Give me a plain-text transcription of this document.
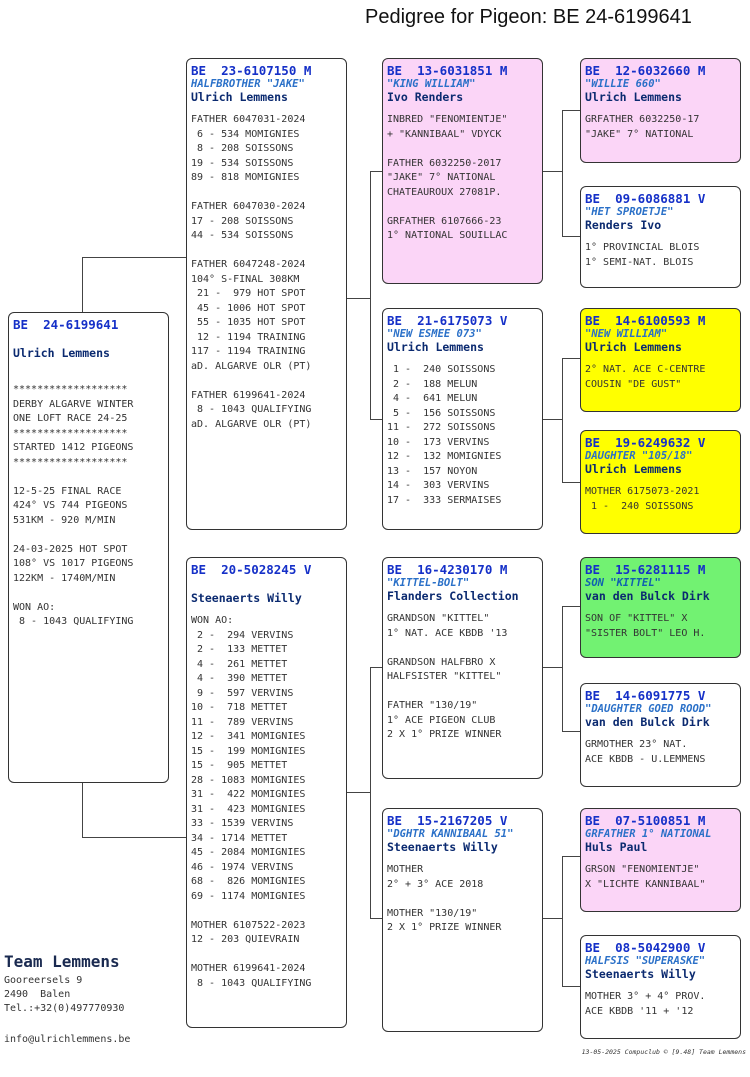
Pedigree for Pigeon: BE 24-6199641
BE  24-6199641
Ulrich Lemmens
*******************
DERBY ALGARVE WINTER
ONE LOFT RACE 24-25
*******************
STARTED 1412 PIGEONS
*******************

12-5-25 FINAL RACE
424° VS 744 PIGEONS
531KM - 920 M/MIN

24-03-2025 HOT SPOT
108° VS 1017 PIGEONS
122KM - 1740M/MIN

WON AO:
8 - 1043 QUALIFYING
BE  23-6107150 M
HALFBROTHER "JAKE"
Ulrich Lemmens
FATHER 6047031-2024
6 - 534 MOMIGNIES
8 - 208 SOISSONS
19 - 534 SOISSONS
89 - 818 MOMIGNIES

FATHER 6047030-2024
17 - 208 SOISSONS
44 - 534 SOISSONS

FATHER 6047248-2024
104° S-FINAL 308KM
21 -  979 HOT SPOT
45 - 1006 HOT SPOT
55 - 1035 HOT SPOT
12 - 1194 TRAINING
117 - 1194 TRAINING
aD. ALGARVE OLR (PT)

FATHER 6199641-2024
8 - 1043 QUALIFYING
aD. ALGARVE OLR (PT)
BE  20-5028245 V
Steenaerts Willy
WON AO:
2 -  294 VERVINS
2 -  133 METTET
4 -  261 METTET
4 -  390 METTET
9 -  597 VERVINS
10 -  718 METTET
11 -  789 VERVINS
12 -  341 MOMIGNIES
15 -  199 MOMIGNIES
15 -  905 METTET
28 - 1083 MOMIGNIES
31 -  422 MOMIGNIES
31 -  423 MOMIGNIES
33 - 1539 VERVINS
34 - 1714 METTET
45 - 2084 MOMIGNIES
46 - 1974 VERVINS
68 -  826 MOMIGNIES
69 - 1174 MOMIGNIES

MOTHER 6107522-2023
12 - 203 QUIEVRAIN

MOTHER 6199641-2024
8 - 1043 QUALIFYING
BE  13-6031851 M
"KING WILLIAM"
Ivo Renders
INBRED "FENOMIENTJE"
+ "KANNIBAAL" VDYCK

FATHER 6032250-2017
"JAKE" 7° NATIONAL
CHATEAUROUX 27081P.

GRFATHER 6107666-23
1° NATIONAL SOUILLAC
BE  21-6175073 V
"NEW ESMEE 073"
Ulrich Lemmens
1 -  240 SOISSONS
2 -  188 MELUN
4 -  641 MELUN
5 -  156 SOISSONS
11 -  272 SOISSONS
10 -  173 VERVINS
12 -  132 MOMIGNIES
13 -  157 NOYON
14 -  303 VERVINS
17 -  333 SERMAISES
BE  16-4230170 M
"KITTEL-BOLT"
Flanders Collection
GRANDSON "KITTEL"
1° NAT. ACE KBDB '13

GRANDSON HALFBRO X
HALFSISTER "KITTEL"

FATHER "130/19"
1° ACE PIGEON CLUB
2 X 1° PRIZE WINNER
BE  15-2167205 V
"DGHTR KANNIBAAL 51"
Steenaerts Willy
MOTHER
2° + 3° ACE 2018

MOTHER "130/19"
2 X 1° PRIZE WINNER
BE  12-6032660 M
"WILLIE 660"
Ulrich Lemmens
GRFATHER 6032250-17
"JAKE" 7° NATIONAL
BE  09-6086881 V
"HET SPROETJE"
Renders Ivo
1° PROVINCIAL BLOIS
1° SEMI-NAT. BLOIS
BE  14-6100593 M
"NEW WILLIAM"
Ulrich Lemmens
2° NAT. ACE C-CENTRE
COUSIN "DE GUST"
BE  19-6249632 V
DAUGHTER "105/18"
Ulrich Lemmens
MOTHER 6175073-2021
1 -  240 SOISSONS
BE  15-6281115 M
SON "KITTEL"
van den Bulck Dirk
SON OF "KITTEL" X
"SISTER BOLT" LEO H.
BE  14-6091775 V
"DAUGHTER GOED ROOD"
van den Bulck Dirk
GRMOTHER 23° NAT.
ACE KBDB - U.LEMMENS
BE  07-5100851 M
GRFATHER 1° NATIONAL
Huls Paul
GRSON "FENOMIENTJE"
X "LICHTE KANNIBAAL"
BE  08-5042900 V
HALFSIS "SUPERASKE"
Steenaerts Willy
MOTHER 3° + 4° PROV.
ACE KBDB '11 + '12
Team Lemmens
Gooreersels 9
2490  Balen
Tel.:+32(0)497770930
info@ulrichlemmens.be
13-05-2025 Compuclub © [9.48] Team Lemmens
